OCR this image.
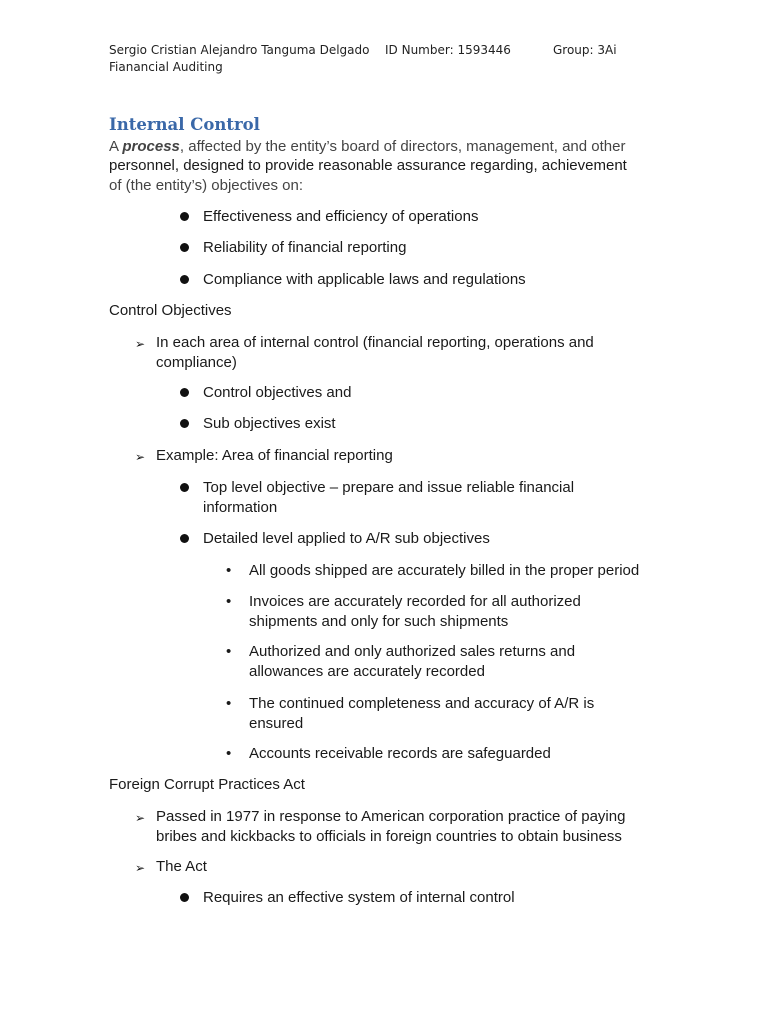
Sergio Cristian Alejandro Tanguma Delgado ID Number: 1593446	Group: 3Ai
Fianancial Auditing
Internal Control
A process, affected by the entity’s board of directors, management, and other
personnel, designed to provide reasonable assurance regarding, achievement
of (the entity’s) objectives on:
Effectiveness and efficiency of operations
Reliability of financial reporting
Compliance with applicable laws and regulations
Control Objectives
➢ In each area of internal control (financial reporting, operations and compliance)
Control objectives and
Sub objectives exist
➢ Example: Area of financial reporting
Top level objective – prepare and issue reliable financial information
Detailed level applied to A/R sub objectives
• All goods shipped are accurately billed in the proper period
• Invoices are accurately recorded for all authorized shipments and only for such shipments
• Authorized and only authorized sales returns and allowances are accurately recorded
• The continued completeness and accuracy of A/R is ensured
• Accounts receivable records are safeguarded
Foreign Corrupt Practices Act
➢ Passed in 1977 in response to American corporation practice of paying bribes and kickbacks to officials in foreign countries to obtain business
➢ The Act
Requires an effective system of internal control
